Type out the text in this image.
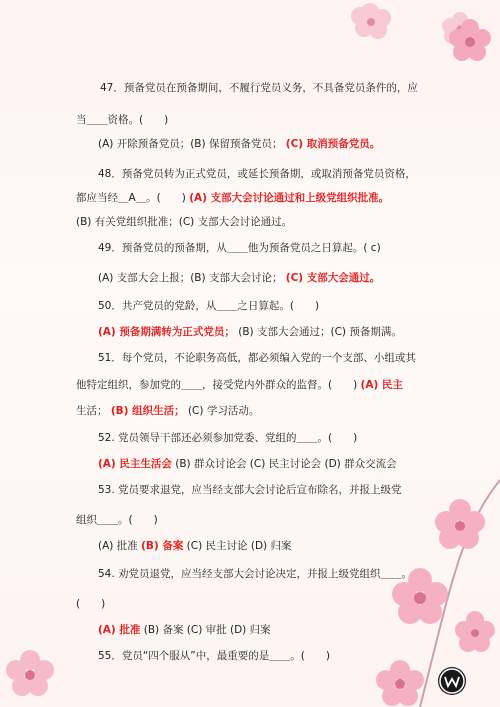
47．预备党员在预备期间，不履行党员义务，不具备党员条件的，应
当＿＿资格。(　　)
(A) 开除预备党员；(B) 保留预备党员； (C) 取消预备党员。
48．预备党员转为正式党员，或延长预备期，或取消预备党员资格，
都应当经＿A＿。(　　) (A) 支部大会讨论通过和上级党组织批准。
(B) 有关党组织批准；(C) 支部大会讨论通过。
49．预备党员的预备期，从＿＿他为预备党员之日算起。( c)
(A) 支部大会上报；(B) 支部大会讨论； (C) 支部大会通过。
50．共产党员的党龄，从＿＿之日算起。(　　)
(A) 预备期满转为正式党员； (B) 支部大会通过；(C) 预备期满。
51．每个党员，不论职务高低，都必须编入党的一个支部、小组或其
他特定组织，参加党的＿＿，接受党内外群众的监督。(　　) (A) 民主
生活； (B) 组织生活； (C) 学习活动。
52. 党员领导干部还必须参加党委、党组的＿＿。(　　)
(A) 民主生活会 (B) 群众讨论会 (C) 民主讨论会 (D) 群众交流会
53. 党员要求退党，应当经支部大会讨论后宣布除名，并报上级党
组织＿＿。(　　)
(A) 批准 (B) 备案 (C) 民主讨论 (D) 归案
54. 劝党员退党，应当经支部大会讨论决定，并报上级党组织＿＿。
(　　)
(A) 批准 (B) 备案 (C) 审批 (D) 归案
55．党员“四个服从”中，最重要的是＿＿。(　　)
